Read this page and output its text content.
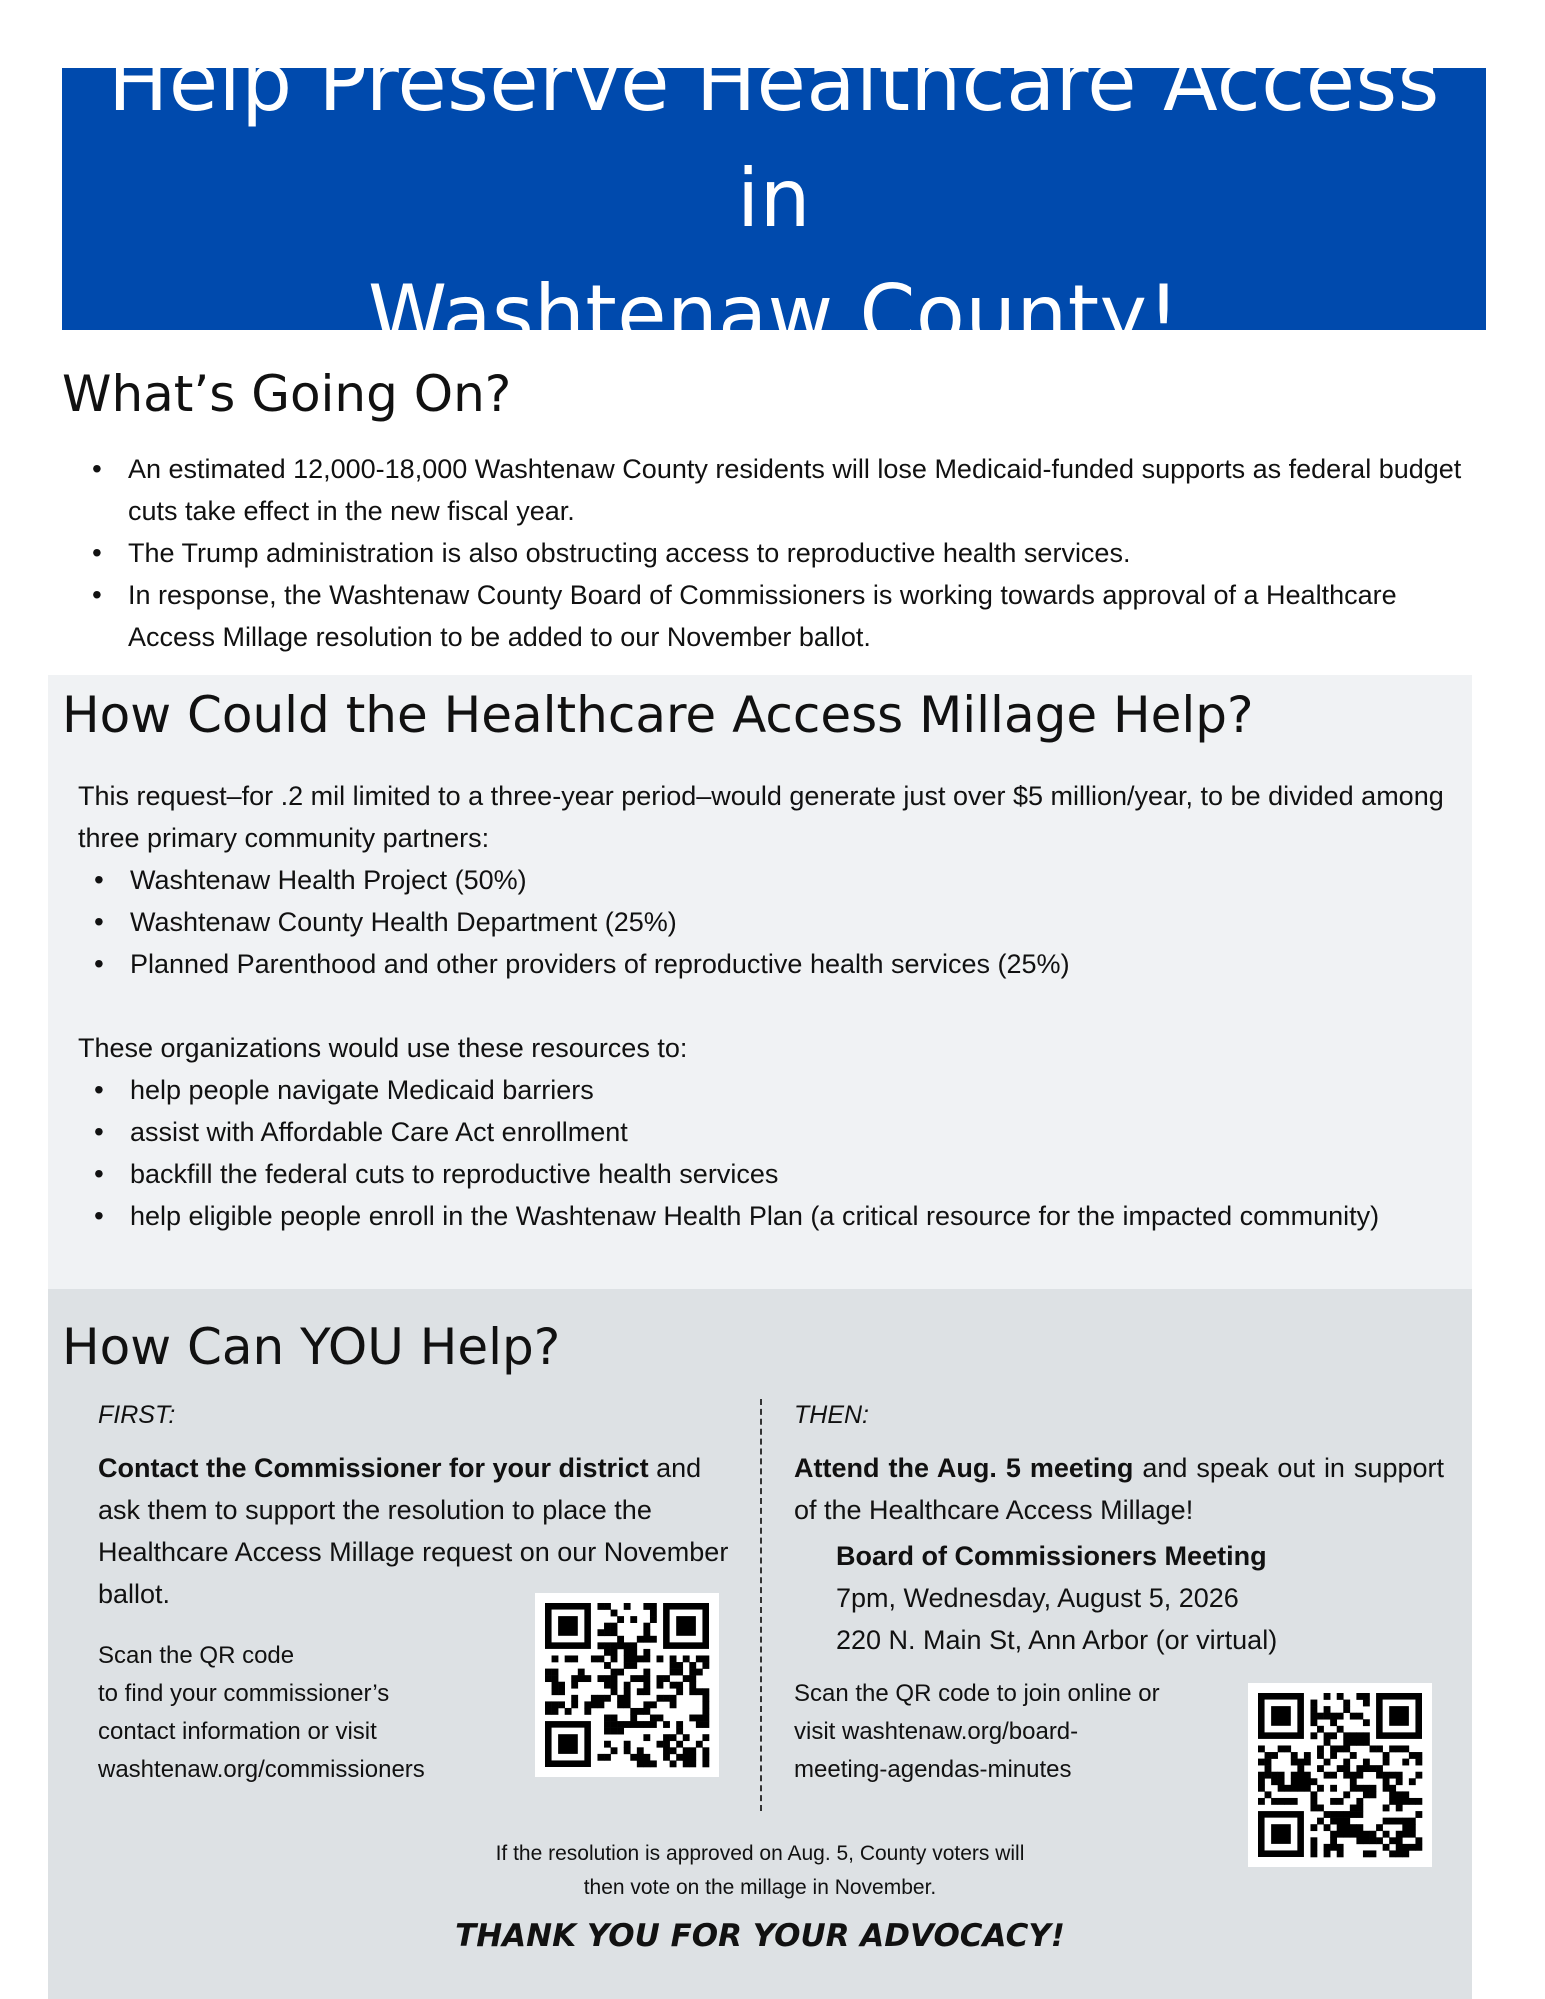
Help Preserve Healthcare Access in
Washtenaw County!
What’s Going On?
• An estimated 12,000-18,000 Washtenaw County residents will lose Medicaid-funded supports as federal budget cuts take effect in the new fiscal year.
• The Trump administration is also obstructing access to reproductive health services.
• In response, the Washtenaw County Board of Commissioners is working towards approval of a Healthcare Access Millage resolution to be added to our November ballot.
How Could the Healthcare Access Millage Help?
This request–for .2 mil limited to a three-year period–would generate just over $5 million/year, to be divided among three primary community partners:
• Washtenaw Health Project (50%)
• Washtenaw County Health Department (25%)
• Planned Parenthood and other providers of reproductive health services (25%)
These organizations would use these resources to:
• help people navigate Medicaid barriers
• assist with Affordable Care Act enrollment
• backfill the federal cuts to reproductive health services
• help eligible people enroll in the Washtenaw Health Plan (a critical resource for the impacted community)
How Can YOU Help?
FIRST:
Contact the Commissioner for your district and ask them to support the resolution to place the Healthcare Access Millage request on our November ballot.
Scan the QR code
to find your commissioner’s
contact information or visit
washtenaw.org/commissioners
THEN:
Attend the Aug. 5 meeting and speak out in support of the Healthcare Access Millage!
Board of Commissioners Meeting
7pm, Wednesday, August 5, 2026
220 N. Main St, Ann Arbor (or virtual)
Scan the QR code to join online or
visit washtenaw.org/board-
meeting-agendas-minutes
If the resolution is approved on Aug. 5, County voters will
then vote on the millage in November.
THANK YOU FOR YOUR ADVOCACY!
